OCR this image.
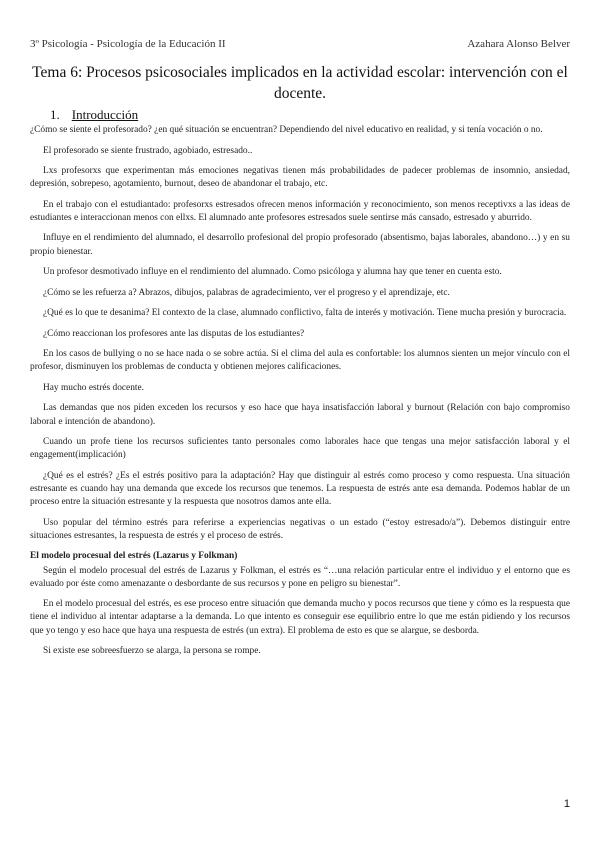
3º Psicología - Psicología de la Educación II	Azahara Alonso Belver
Tema 6: Procesos psicosociales implicados en la actividad escolar: intervención con el docente.
1. Introducción

¿Cómo se siente el profesorado? ¿en qué situación se encuentran? Dependiendo del nivel educativo en realidad, y si tenía vocación o no.

El profesorado se siente frustrado, agobiado, estresado..

Lxs profesorxs que experimentan más emociones negativas tienen más probabilidades de padecer problemas de insomnio, ansiedad, depresión, sobrepeso, agotamiento, burnout, deseo de abandonar el trabajo, etc.

En el trabajo con el estudiantado: profesorxs estresados ofrecen menos información y reconocimiento, son menos receptivxs a las ideas de estudiantes e interaccionan menos con ellxs. El alumnado ante profesores estresados suele sentirse más cansado, estresado y aburrido.

Influye en el rendimiento del alumnado, el desarrollo profesional del propio profesorado (absentismo, bajas laborales, abandono…) y en su propio bienestar.

Un profesor desmotivado influye en el rendimiento del alumnado. Como psicóloga y alumna hay que tener en cuenta esto.

¿Cómo se les refuerza a? Abrazos, dibujos, palabras de agradecimiento, ver el progreso y el aprendizaje, etc.

¿Qué es lo que te desanima? El contexto de la clase, alumnado conflictivo, falta de interés y motivación. Tiene mucha presión y burocracia.

¿Cómo reaccionan los profesores ante las disputas de los estudiantes?

En los casos de bullying o no se hace nada o se sobre actúa. Si el clima del aula es confortable: los alumnos sienten un mejor vínculo con el profesor, disminuyen los problemas de conducta y obtienen mejores calificaciones.

Hay mucho estrés docente.

Las demandas que nos piden exceden los recursos y eso hace que haya insatisfacción laboral y burnout (Relación con bajo compromiso laboral e intención de abandono).

Cuando un profe tiene los recursos suficientes tanto personales como laborales hace que tengas una mejor satisfacción laboral y el engagement(implicación)

¿Qué es el estrés? ¿Es el estrés positivo para la adaptación? Hay que distinguir al estrés como proceso y como respuesta. Una situación estresante es cuando hay una demanda que excede los recursos que tenemos. La respuesta de estrés ante esa demanda. Podemos hablar de un proceso entre la situación estresante y la respuesta que nosotros damos ante ella.

Uso popular del término estrés para referirse a experiencias negativas o un estado (“estoy estresado/a”). Debemos distinguir entre situaciones estresantes, la respuesta de estrés y el proceso de estrés.

El modelo procesual del estrés (Lazarus y Folkman)

Según el modelo procesual del estrés de Lazarus y Folkman, el estrés es “…una relación particular entre el individuo y el entorno que es evaluado por éste como amenazante o desbordante de sus recursos y pone en peligro su bienestar”.

En el modelo procesual del estrés, es ese proceso entre situación que demanda mucho y pocos recursos que tiene y cómo es la respuesta que tiene el individuo al intentar adaptarse a la demanda. Lo que intento es conseguir ese equilibrio entre lo que me están pidiendo y los recursos que yo tengo y eso hace que haya una respuesta de estrés (un extra). El problema de esto es que se alargue, se desborda.

Si existe ese sobreesfuerzo se alarga, la persona se rompe.

1
